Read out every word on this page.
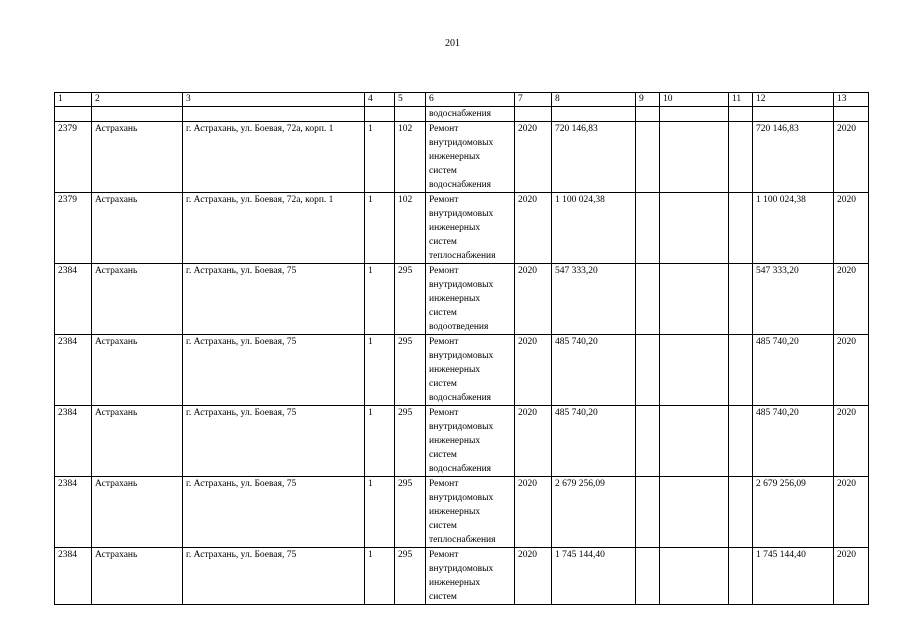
201
1	2	3	4	5	6	7	8	9	10	11	12	13
					водоснабжения							
2379	Астрахань	г. Астрахань, ул. Боевая, 72а, корп. 1	1	102	Ремонт
внутридомовых
инженерных
систем
водоснабжения	2020	720 146,83				720 146,83	2020
2379	Астрахань	г. Астрахань, ул. Боевая, 72а, корп. 1	1	102	Ремонт
внутридомовых
инженерных
систем
теплоснабжения	2020	1 100 024,38				1 100 024,38	2020
2384	Астрахань	г. Астрахань, ул. Боевая, 75	1	295	Ремонт
внутридомовых
инженерных
систем
водоотведения	2020	547 333,20				547 333,20	2020
2384	Астрахань	г. Астрахань, ул. Боевая, 75	1	295	Ремонт
внутридомовых
инженерных
систем
водоснабжения	2020	485 740,20				485 740,20	2020
2384	Астрахань	г. Астрахань, ул. Боевая, 75	1	295	Ремонт
внутридомовых
инженерных
систем
водоснабжения	2020	485 740,20				485 740,20	2020
2384	Астрахань	г. Астрахань, ул. Боевая, 75	1	295	Ремонт
внутридомовых
инженерных
систем
теплоснабжения	2020	2 679 256,09				2 679 256,09	2020
2384	Астрахань	г. Астрахань, ул. Боевая, 75	1	295	Ремонт
внутридомовых
инженерных
систем	2020	1 745 144,40				1 745 144,40	2020
